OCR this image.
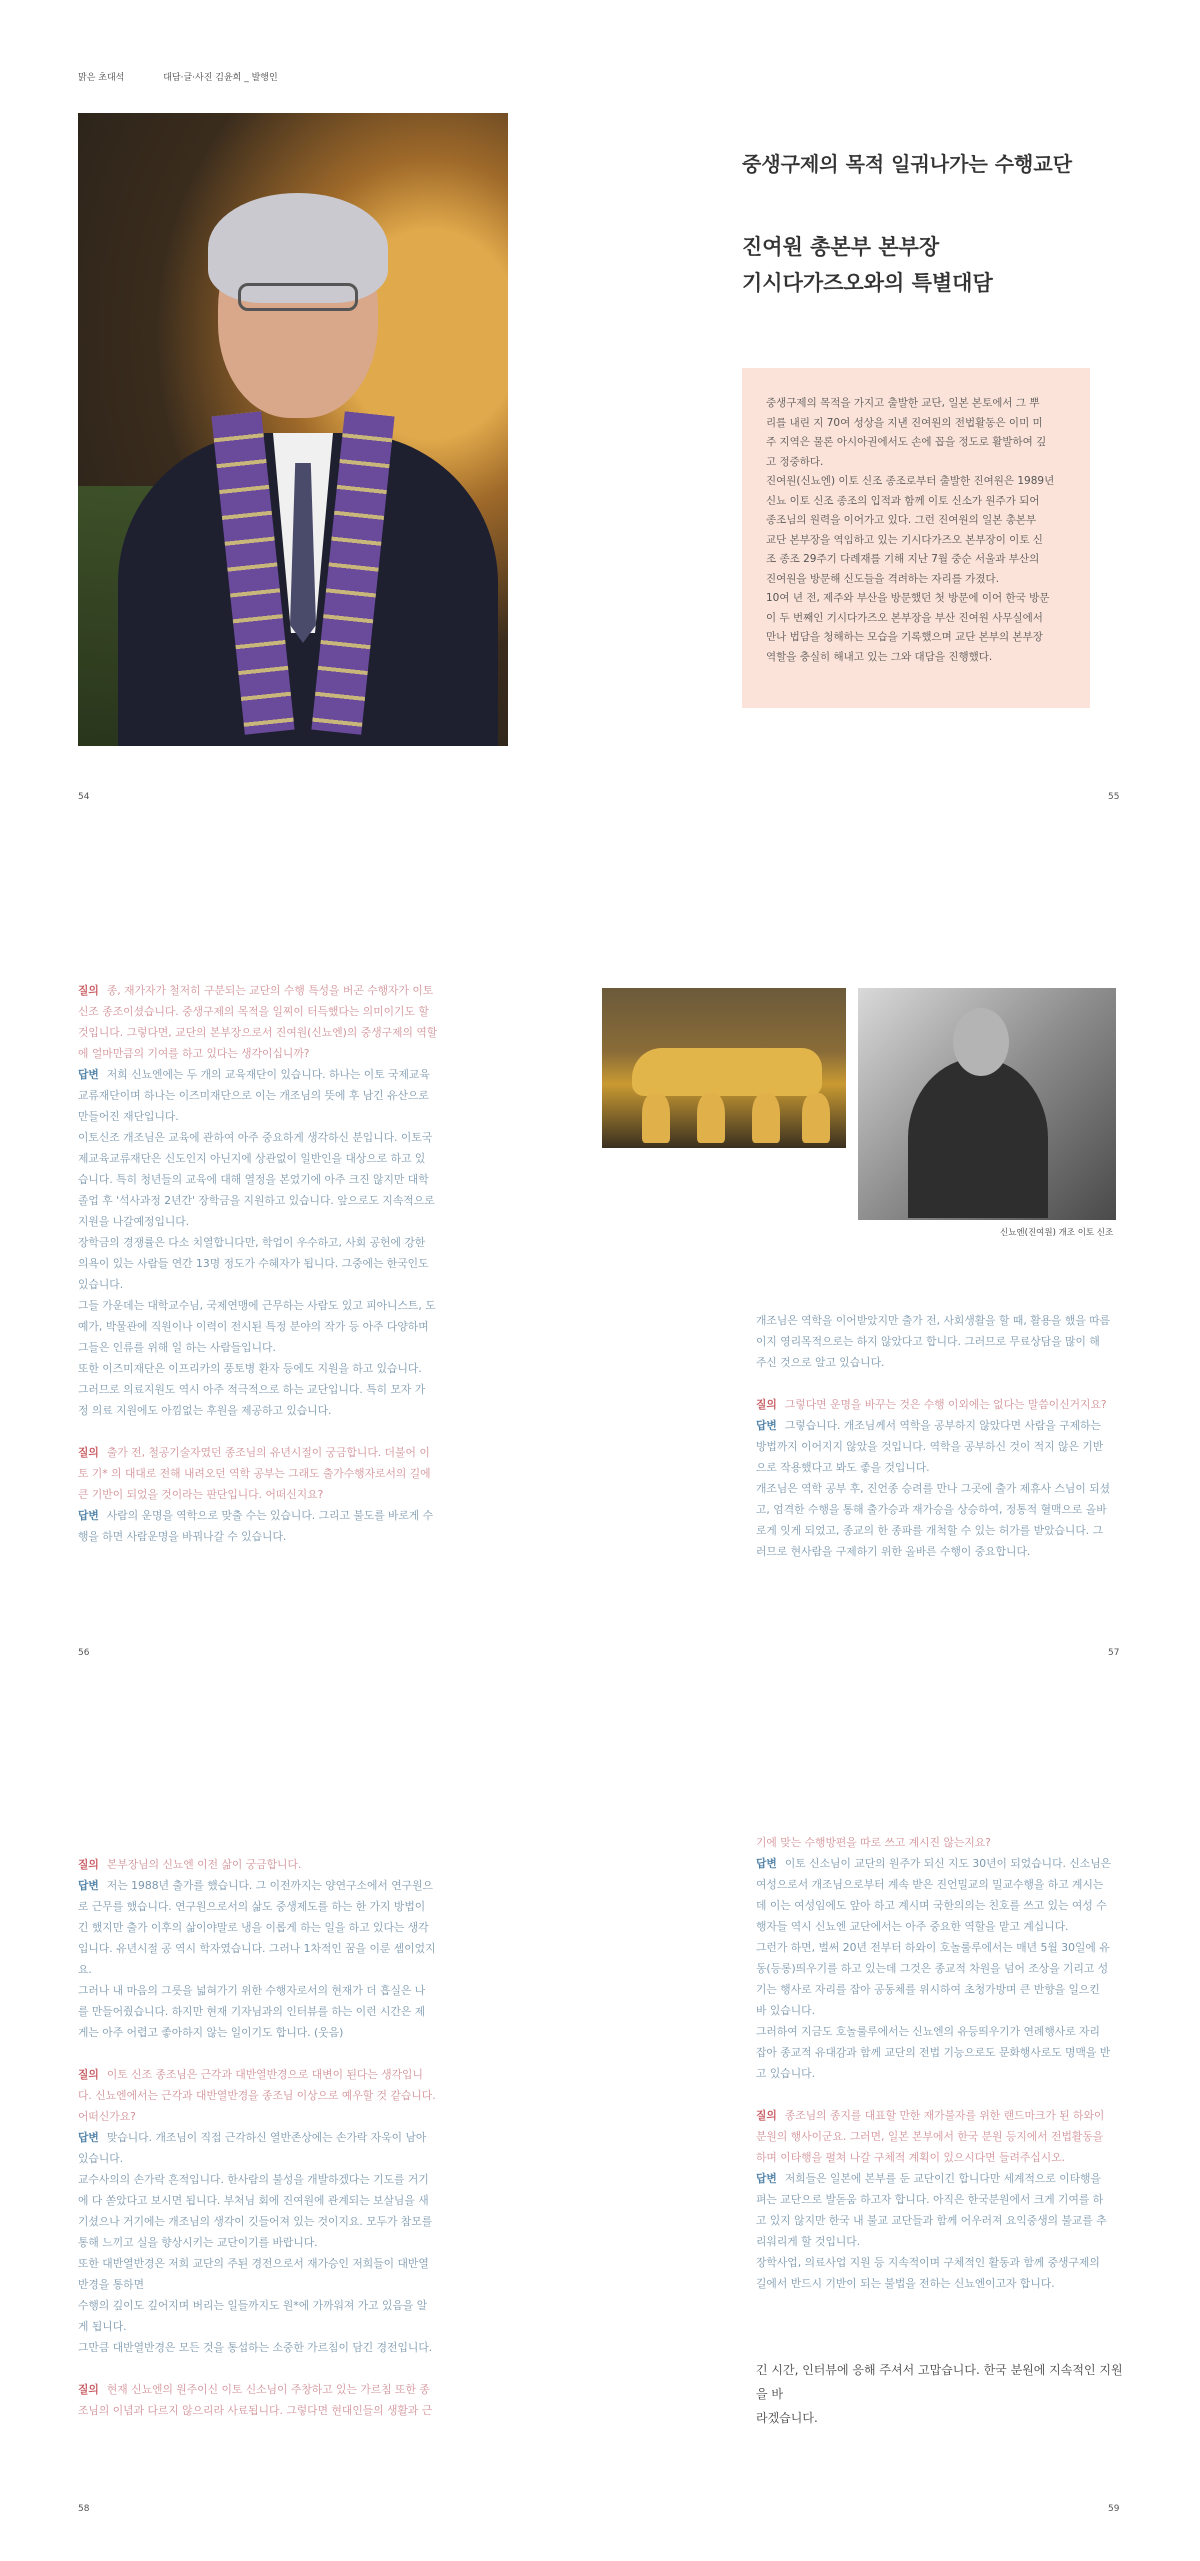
맑은 초대석	대담·글·사진 김윤희 _ 발행인
중생구제의 목적 일궈나가는 수행교단
진여원 총본부 본부장
기시다가즈오와의 특별대담
중생구제의 목적을 가지고 출발한 교단, 일본 본토에서 그 뿌
리를 내린 지 70여 성상을 지낸 진여원의 전법활동은 이미 미
주 지역은 물론 아시아권에서도 손에 꼽을 정도로 활발하여 깊
고 정중하다.
진여원(신뇨엔) 이토 신조 종조로부터 출발한 진여원은 1989년
신뇨 이토 신조 종조의 입적과 함께 이토 신소가 원주가 되어
종조님의 원력을 이어가고 있다. 그런 진여원의 일본 총본부
교단 본부장을 역임하고 있는 기시다가즈오 본부장이 이토 신
조 종조 29주기 다례재를 기해 지난 7월 중순 서울과 부산의
진여원을 방문해 신도들을 격려하는 자리를 가졌다.
10여 년 전, 제주와 부산을 방문했던 첫 방문에 이어 한국 방문
이 두 번째인 기시다가즈오 본부장을 부산 진여원 사무실에서
만나 법담을 청해하는 모습을 기록했으며 교단 본부의 본부장
역할을 충실히 해내고 있는 그와 대담을 진행했다.
54	55

질의 종, 재가자가 철저히 구분되는 교단의 수행 특성을 버곤 수행자가 이토

신조 종조이셨습니다. 중생구제의 목적을 일찌이 터득했다는 의미이기도 할

것입니다. 그렇다면, 교단의 본부장으로서 진여원(신뇨엔)의 중생구제의 역할

에 얼마만큼의 기여를 하고 있다는 생각이십니까?

답변 저희 신뇨엔에는 두 개의 교육재단이 있습니다. 하나는 이토 국제교육

교류재단이며 하나는 이즈미재단으로 이는 개조님의 뜻에 후 남긴 유산으로

만들어진 재단입니다.

이토신조 개조님은 교육에 관하여 아주 중요하게 생각하신 분입니다. 이토국

제교육교류재단은 신도인지 아닌지에 상관없이 일반인을 대상으로 하고 있

습니다. 특히 청년들의 교육에 대해 열정을 본었기에 아주 크진 않지만 대학

졸업 후 '석사과정 2년간' 장학금을 지원하고 있습니다. 앞으로도 지속적으로

지원을 나갈예정입니다.

장학금의 경쟁률은 다소 치열합니다만, 학업이 우수하고, 사회 공헌에 강한

의욕이 있는 사람들 연간 13명 정도가 수혜자가 됩니다. 그중에는 한국인도

있습니다.

그들 가운데는 대학교수님, 국제연맹에 근무하는 사람도 있고 피아니스트, 도

예가, 박물관에 직원이나 이력이 전시된 특정 분야의 작가 등 아주 다양하며

그들은 인류를 위해 일 하는 사람들입니다.

또한 이즈미재단은 이프리카의 풍토병 환자 등에도 지원을 하고 있습니다.

그러므로 의료지원도 역시 아주 적극적으로 하는 교단입니다. 특히 모자 가

정 의료 지원에도 아낌없는 후원을 제공하고 있습니다.

질의 출가 전, 철공기술자였던 종조님의 유년시절이 궁금합니다. 더불어 이

토 기* 의 대대로 전해 내려오던 역학 공부는 그래도 출가수행자로서의 길에

큰 기반이 되었을 것이라는 판단입니다. 어떠신지요?

답변 사람의 운명을 역학으로 맞출 수는 있습니다. 그리고 불도를 바로게 수

행을 하면 사람운명을 바꿔나갈 수 있습니다.

신뇨엔(진여원) 개조 이토 신조

개조님은 역학을 이어받았지만 출가 전, 사회생활을 할 때, 활용을 했을 따름

이지 영리목적으로는 하지 않았다고 합니다. 그러므로 무료상담을 많이 해

주신 것으로 알고 있습니다.

질의 그렇다면 운명을 바꾸는 것은 수행 이외에는 없다는 말씀이신거지요?

답변 그렇습니다. 개조님께서 역학을 공부하지 않았다면 사람을 구제하는

방법까지 이어지지 않았을 것입니다. 역학을 공부하신 것이 적지 않은 기반

으로 작용했다고 봐도 좋을 것입니다.

개조님은 역학 공부 후, 진언종 승려를 만나 그곳에 출가 제휴사 스님이 되셨

고, 엄격한 수행을 통해 출가승과 재가승을 상승하여, 정통적 혈맥으로 올바

로게 잇게 되었고, 종교의 한 종파를 개척할 수 있는 허가를 받았습니다. 그

러므로 현사람을 구제하기 위한 올바른 수행이 중요합니다.

56	57

질의 본부장님의 신뇨엔 이전 삶이 궁금합니다.

답변 저는 1988년 출가를 했습니다. 그 이전까지는 양연구소에서 연구원으

로 근무를 했습니다. 연구원으로서의 삶도 중생제도를 하는 한 가지 방법이

긴 했지만 출가 이후의 삶이야말로 냉을 이롭게 하는 일을 하고 있다는 생각

입니다. 유년시절 공 역시 학자였습니다. 그러나 1차적인 꿈을 이룬 셈이었지

요.

그러나 내 마음의 그릇을 넓혀가기 위한 수행자로서의 현재가 더 흡실은 나

를 만들어줬습니다. 하지만 현재 기자님과의 인터뷰를 하는 이런 시간은 제

게는 아주 어렵고 좋아하지 않는 일이기도 합니다. (웃음)

질의 이토 신조 종조님은 근각과 대반열반경으로 대변이 된다는 생각입니

다. 신뇨엔에서는 근각과 대반열반경을 종조님 이상으로 예우할 것 같습니다.

어떠신가요?

답변 맞습니다. 개조님이 직접 근각하신 열반존상에는 손가락 자욱이 남아

있습니다.

교수사의의 손가락 흔적입니다. 한사람의 불성을 개발하겠다는 기도를 거기

에 다 쏟았다고 보시면 됩니다. 부처님 회에 진여원에 관계되는 보살님을 새

기셨으나 거기에는 개조님의 생각이 깃들어져 있는 것이지요. 모두가 참모를

통해 느끼고 실을 향상시키는 교단이기를 바랍니다.

또한 대반열반경은 저희 교단의 주된 경전으로서 재가승인 저희들이 대반열

반경을 통하면

수행의 깊이도 깊어지며 버리는 일들까지도 원*에 가까워져 가고 있음을 알

게 됩니다.

그만큼 대반열반경은 모든 것을 통섭하는 소중한 가르침이 담긴 경전입니다.

질의 현재 신뇨엔의 원주이신 이토 신소님이 주창하고 있는 가르침 또한 종

조님의 이념과 다르지 않으리라 사료됩니다. 그렇다면 현대인들의 생활과 근

기에 맞는 수행방편을 따로 쓰고 계시진 않는지요?

답변 이토 신소님이 교단의 원주가 되신 지도 30년이 되었습니다. 신소님은

여성으로서 개조님으로부터 계속 받은 진언밀교의 밀교수행을 하고 계시는

데 이는 여성임에도 앞아 하고 계시며 국한의의는 친호를 쓰고 있는 여성 수

행자들 역시 신뇨엔 교단에서는 아주 중요한 역할을 맡고 계십니다.

그런가 하면, 벌써 20년 전부터 하와이 호놀룰루에서는 매년 5월 30일에 유

동(등롱)띄우기를 하고 있는데 그것은 종교적 차원을 넘어 조상을 기리고 성

기는 행사로 자리를 잡아 공동체를 위시하여 초청가방며 큰 반향을 일으킨

바 있습니다.

그러하여 지금도 호놀룰루에서는 신뇨엔의 유등띄우기가 연례행사로 자리

잡아 종교적 유대감과 함께 교단의 전법 기능으로도 문화행사로도 명맥을 반

고 있습니다.

질의 종조님의 종지를 대표할 만한 재가불자를 위한 랜드마크가 된 하와이

분원의 행사이군요. 그러면, 일본 본부에서 한국 분원 등지에서 전법활동을

하며 이타행을 펼쳐 나갈 구체적 계획이 있으시다면 들려주십시오.

답변 저희들은 일본에 본부를 둔 교단이긴 합니다만 세계적으로 이타행을

펴는 교단으로 발돋움 하고자 합니다. 아직은 한국분원에서 크게 기여를 하

고 있지 않지만 한국 내 불교 교단들과 함께 어우러져 요익중생의 불교를 추

리워리게 할 것입니다.

장학사업, 의료사업 지원 등 지속적이며 구체적인 활동과 함께 중생구제의

길에서 반드시 기반이 되는 불법을 전하는 신뇨엔이고자 합니다.

긴 시간, 인터뷰에 응해 주셔서 고맙습니다. 한국 분원에 지속적인 지원을 바

라겠습니다.

58	59
